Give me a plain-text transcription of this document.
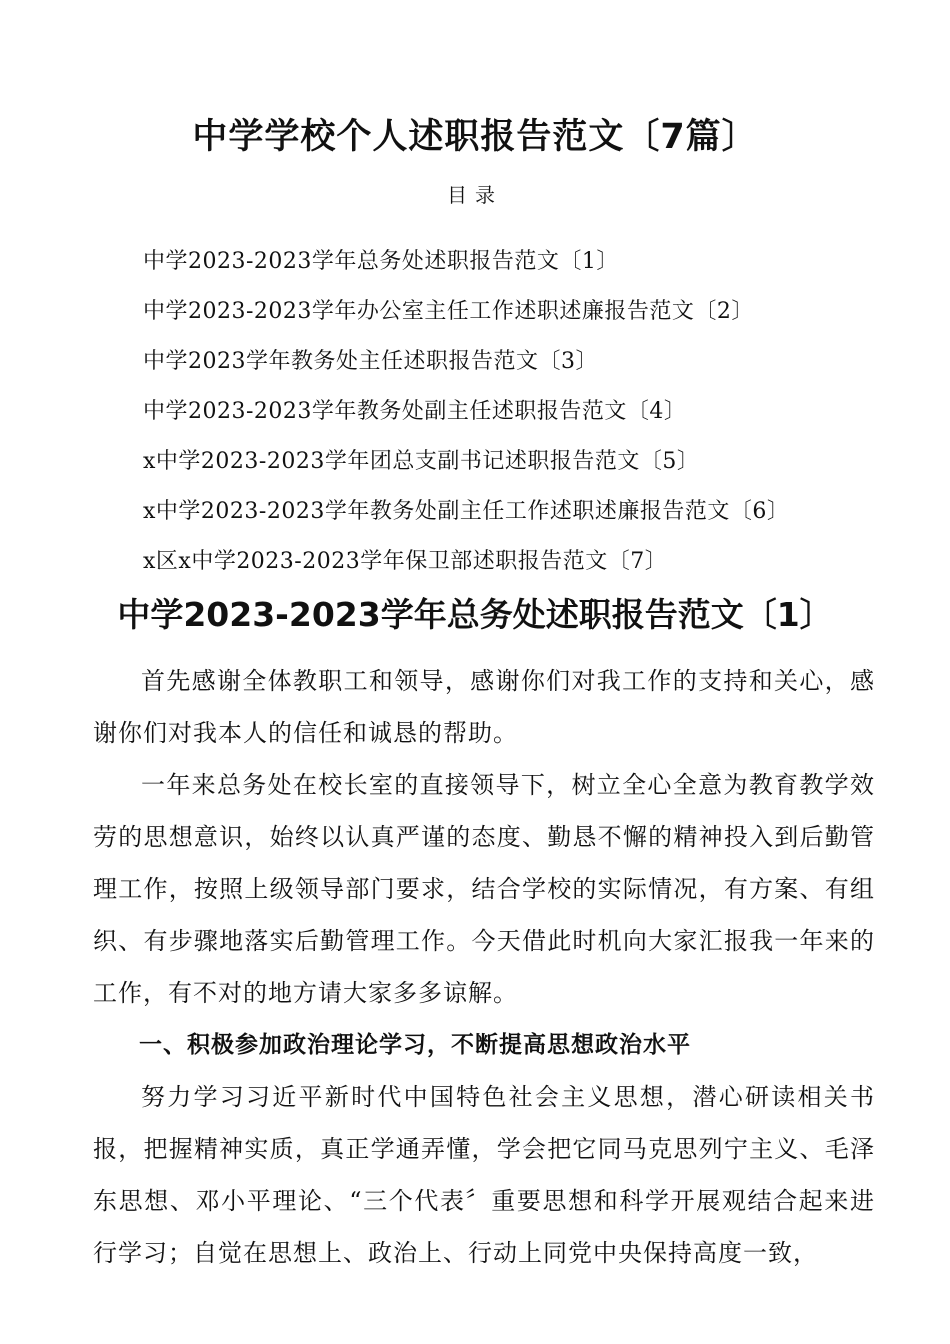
中学学校个人述职报告范文〔7篇〕
目录
中学2023-2023学年总务处述职报告范文〔1〕
中学2023-2023学年办公室主任工作述职述廉报告范文〔2〕
中学2023学年教务处主任述职报告范文〔3〕
中学2023-2023学年教务处副主任述职报告范文〔4〕
x中学2023-2023学年团总支副书记述职报告范文〔5〕
x中学2023-2023学年教务处副主任工作述职述廉报告范文〔6〕
x区x中学2023-2023学年保卫部述职报告范文〔7〕
中学2023-2023学年总务处述职报告范文〔1〕

首先感谢全体教职工和领导，感谢你们对我工作的支持和关心，感谢你们对我本人的信任和诚恳的帮助。

一年来总务处在校长室的直接领导下，树立全心全意为教育教学效劳的思想意识，始终以认真严谨的态度、勤恳不懈的精神投入到后勤管理工作，按照上级领导部门要求，结合学校的实际情况，有方案、有组织、有步骤地落实后勤管理工作。今天借此时机向大家汇报我一年来的工作，有不对的地方请大家多多谅解。

一、积极参加政治理论学习，不断提高思想政治水平

努力学习习近平新时代中国特色社会主义思想，潜心研读相关书报，把握精神实质，真正学通弄懂，学会把它同马克思列宁主义、毛泽东思想、邓小平理论、“三个代表〞重要思想和科学开展观结合起来进行学习；自觉在思想上、政治上、行动上同党中央保持高度一致，
